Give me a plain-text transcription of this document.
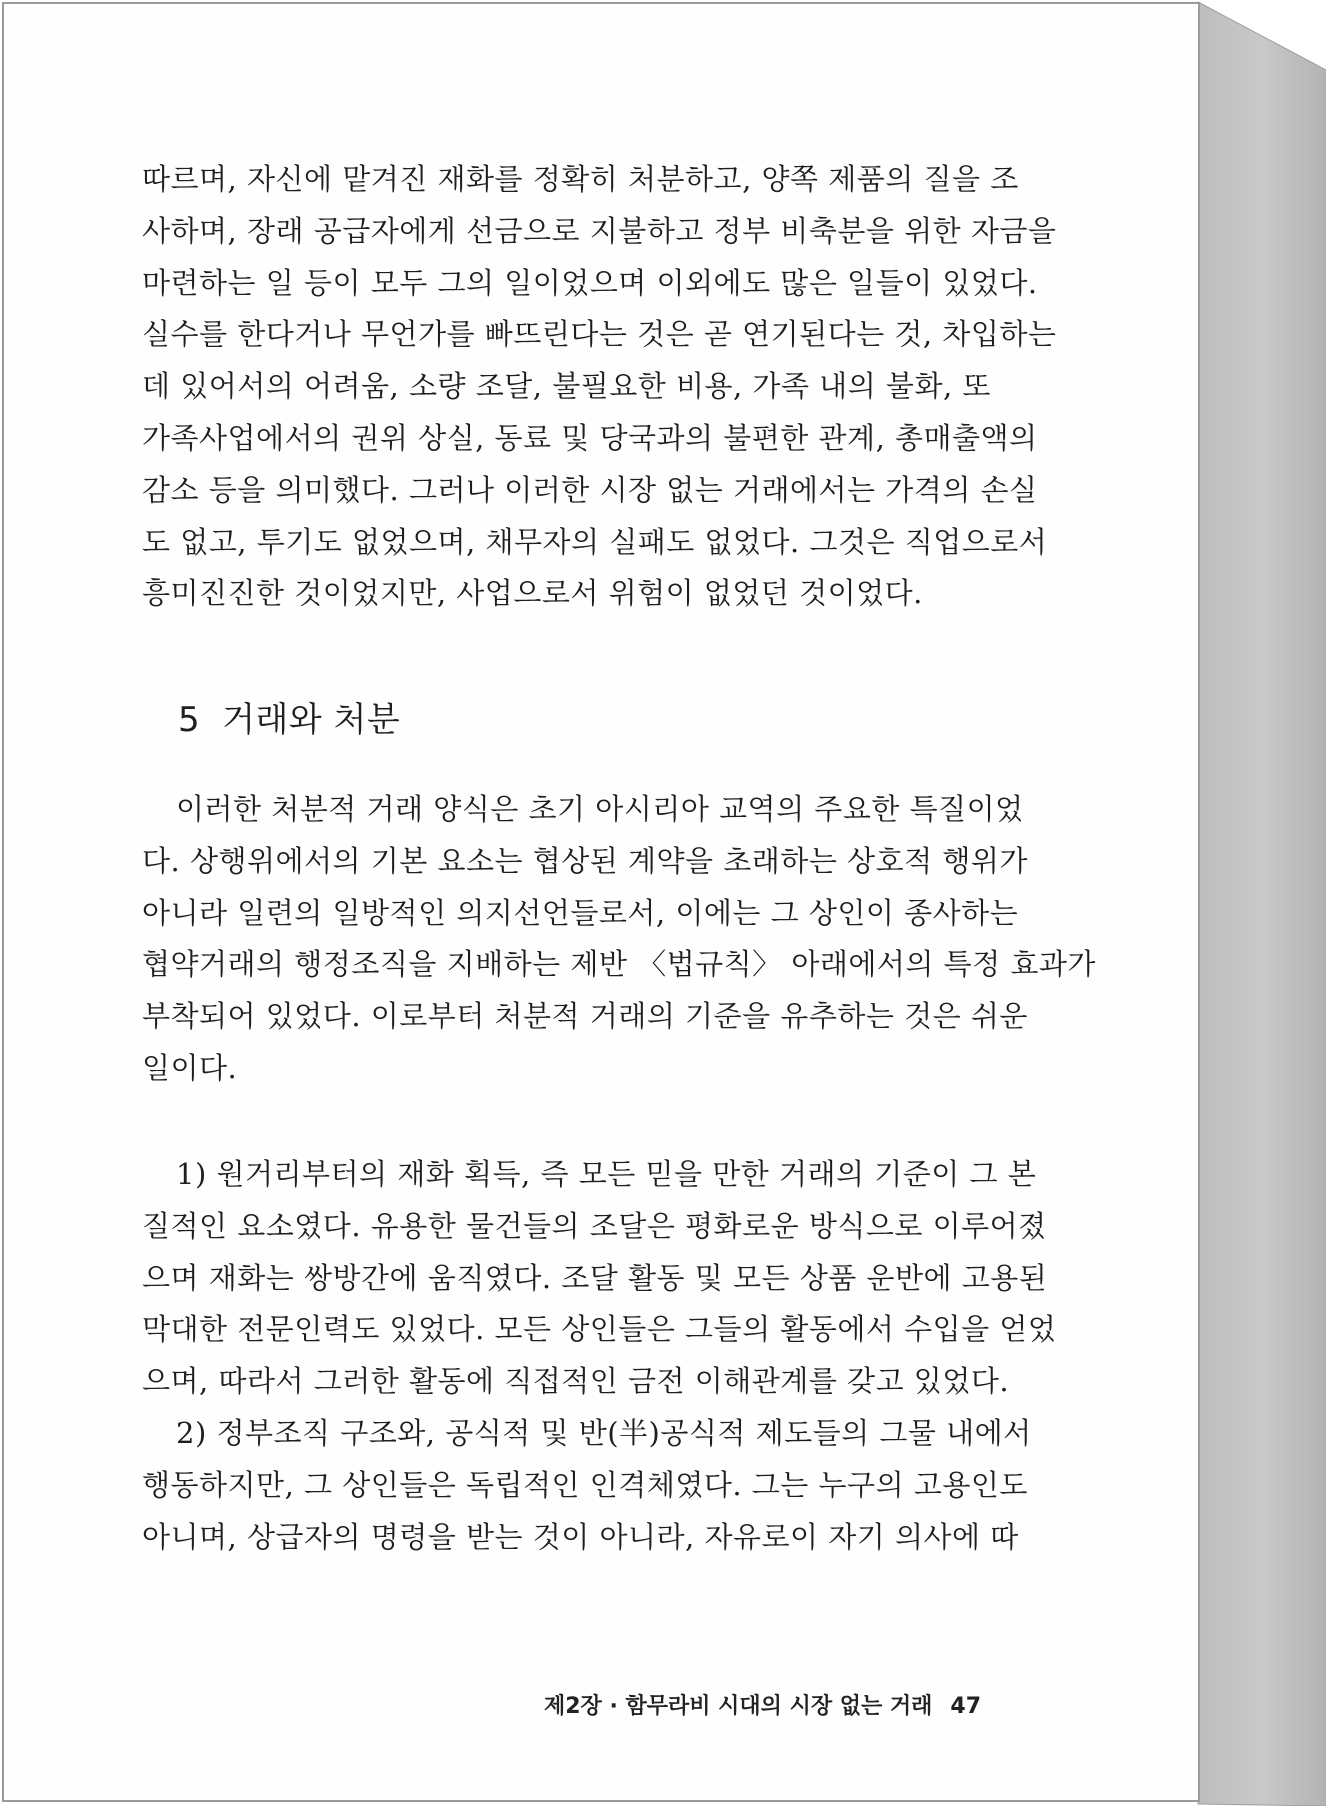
따르며, 자신에 맡겨진 재화를 정확히 처분하고, 양쪽 제품의 질을 조
사하며, 장래 공급자에게 선금으로 지불하고 정부 비축분을 위한 자금을
마련하는 일 등이 모두 그의 일이었으며 이외에도 많은 일들이 있었다.
실수를 한다거나 무언가를 빠뜨린다는 것은 곧 연기된다는 것, 차입하는
데 있어서의 어려움, 소량 조달, 불필요한 비용, 가족 내의 불화, 또
가족사업에서의 권위 상실, 동료 및 당국과의 불편한 관계, 총매출액의
감소 등을 의미했다. 그러나 이러한 시장 없는 거래에서는 가격의 손실
도 없고, 투기도 없었으며, 채무자의 실패도 없었다. 그것은 직업으로서
흥미진진한 것이었지만, 사업으로서 위험이 없었던 것이었다.
5 거래와 처분
이러한 처분적 거래 양식은 초기 아시리아 교역의 주요한 특질이었
다. 상행위에서의 기본 요소는 협상된 계약을 초래하는 상호적 행위가
아니라 일련의 일방적인 의지선언들로서, 이에는 그 상인이 종사하는
협약거래의 행정조직을 지배하는 제반 〈법규칙〉 아래에서의 특정 효과가
부착되어 있었다. 이로부터 처분적 거래의 기준을 유추하는 것은 쉬운
일이다.
1) 원거리부터의 재화 획득, 즉 모든 믿을 만한 거래의 기준이 그 본
질적인 요소였다. 유용한 물건들의 조달은 평화로운 방식으로 이루어졌
으며 재화는 쌍방간에 움직였다. 조달 활동 및 모든 상품 운반에 고용된
막대한 전문인력도 있었다. 모든 상인들은 그들의 활동에서 수입을 얻었
으며, 따라서 그러한 활동에 직접적인 금전 이해관계를 갖고 있었다.
2) 정부조직 구조와, 공식적 및 반(半)공식적 제도들의 그물 내에서
행동하지만, 그 상인들은 독립적인 인격체였다. 그는 누구의 고용인도
아니며, 상급자의 명령을 받는 것이 아니라, 자유로이 자기 의사에 따

제2장 · 함무라비 시대의 시장 없는 거래 47
